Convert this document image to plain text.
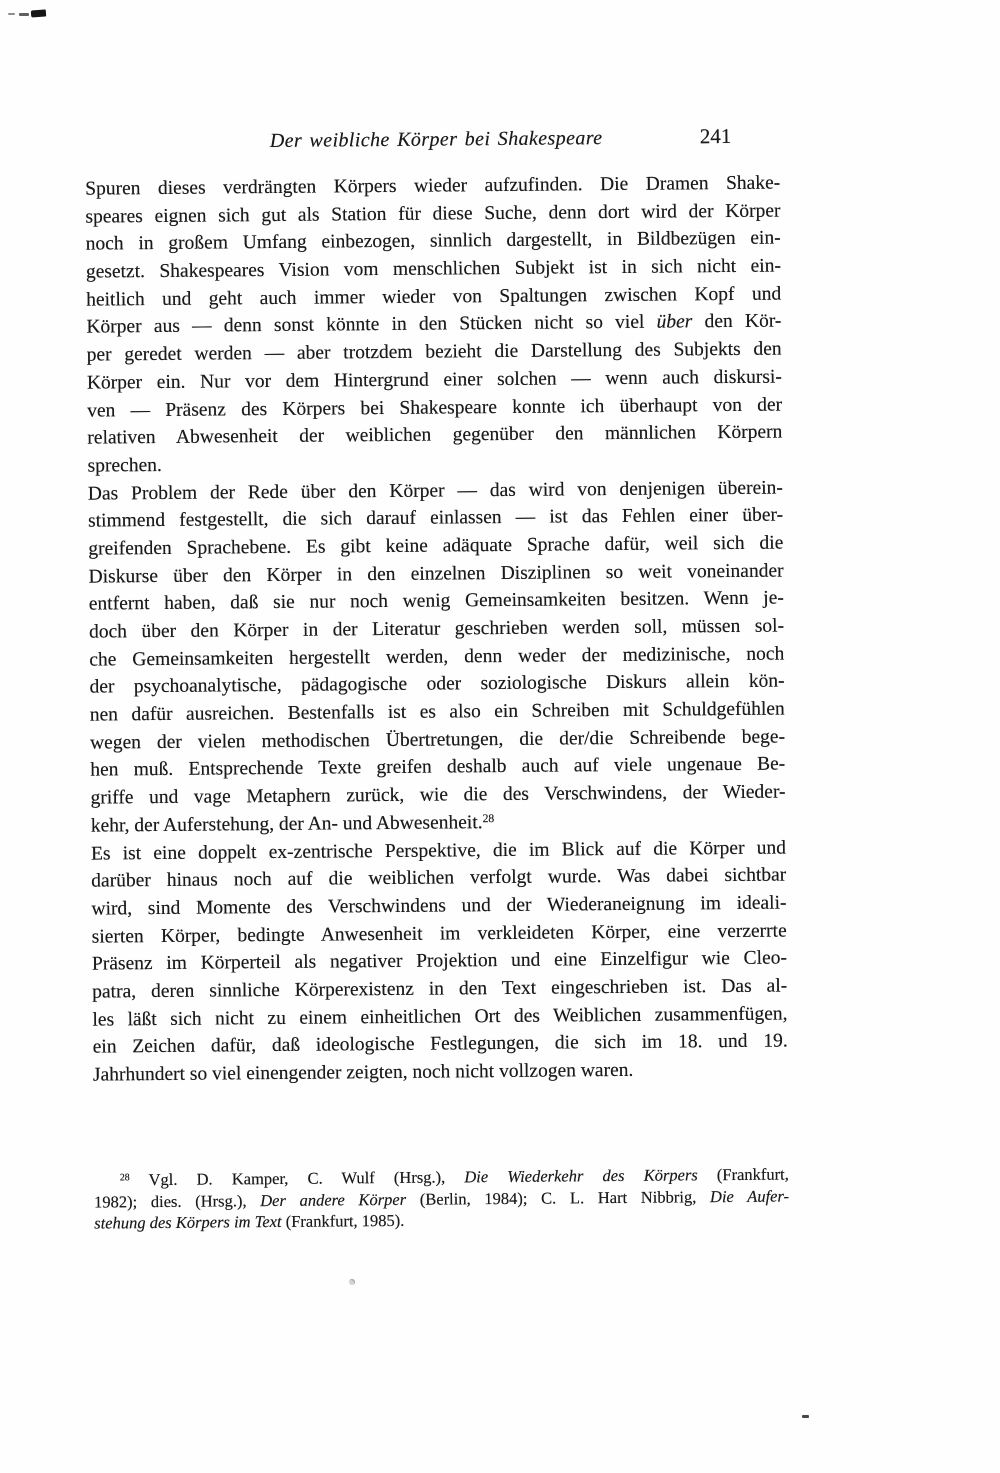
Der weibliche Körper bei Shakespeare	241
Spuren dieses verdrängten Körpers wieder aufzufinden. Die Dramen Shake-
speares eignen sich gut als Station für diese Suche, denn dort wird der Körper
noch in großem Umfang einbezogen, sinnlich dargestellt, in Bildbezügen ein-
gesetzt. Shakespeares Vision vom menschlichen Subjekt ist in sich nicht ein-
heitlich und geht auch immer wieder von Spaltungen zwischen Kopf und
Körper aus — denn sonst könnte in den Stücken nicht so viel über den Kör-
per geredet werden — aber trotzdem bezieht die Darstellung des Subjekts den
Körper ein. Nur vor dem Hintergrund einer solchen — wenn auch diskursi-
ven — Präsenz des Körpers bei Shakespeare konnte ich überhaupt von der
relativen Abwesenheit der weiblichen gegenüber den männlichen Körpern
sprechen.
Das Problem der Rede über den Körper — das wird von denjenigen überein-
stimmend festgestellt, die sich darauf einlassen — ist das Fehlen einer über-
greifenden Sprachebene. Es gibt keine adäquate Sprache dafür, weil sich die
Diskurse über den Körper in den einzelnen Disziplinen so weit voneinander
entfernt haben, daß sie nur noch wenig Gemeinsamkeiten besitzen. Wenn je-
doch über den Körper in der Literatur geschrieben werden soll, müssen sol-
che Gemeinsamkeiten hergestellt werden, denn weder der medizinische, noch
der psychoanalytische, pädagogische oder soziologische Diskurs allein kön-
nen dafür ausreichen. Bestenfalls ist es also ein Schreiben mit Schuldgefühlen
wegen der vielen methodischen Übertretungen, die der/die Schreibende bege-
hen muß. Entsprechende Texte greifen deshalb auch auf viele ungenaue Be-
griffe und vage Metaphern zurück, wie die des Verschwindens, der Wieder-
kehr, der Auferstehung, der An- und Abwesenheit.$^{28}$
Es ist eine doppelt ex-zentrische Perspektive, die im Blick auf die Körper und
darüber hinaus noch auf die weiblichen verfolgt wurde. Was dabei sichtbar
wird, sind Momente des Verschwindens und der Wiederaneignung im ideali-
sierten Körper, bedingte Anwesenheit im verkleideten Körper, eine verzerrte
Präsenz im Körperteil als negativer Projektion und eine Einzelfigur wie Cleo-
patra, deren sinnliche Körperexistenz in den Text eingeschrieben ist. Das al-
les läßt sich nicht zu einem einheitlichen Ort des Weiblichen zusammenfügen,
ein Zeichen dafür, daß ideologische Festlegungen, die sich im 18. und 19.
Jahrhundert so viel einengender zeigten, noch nicht vollzogen waren.
$^{28}$ Vgl. D. Kamper, C. Wulf (Hrsg.), Die Wiederkehr des Körpers (Frankfurt,
1982); dies. (Hrsg.), Der andere Körper (Berlin, 1984); C. L. Hart Nibbrig, Die Aufer-
stehung des Körpers im Text (Frankfurt, 1985).
